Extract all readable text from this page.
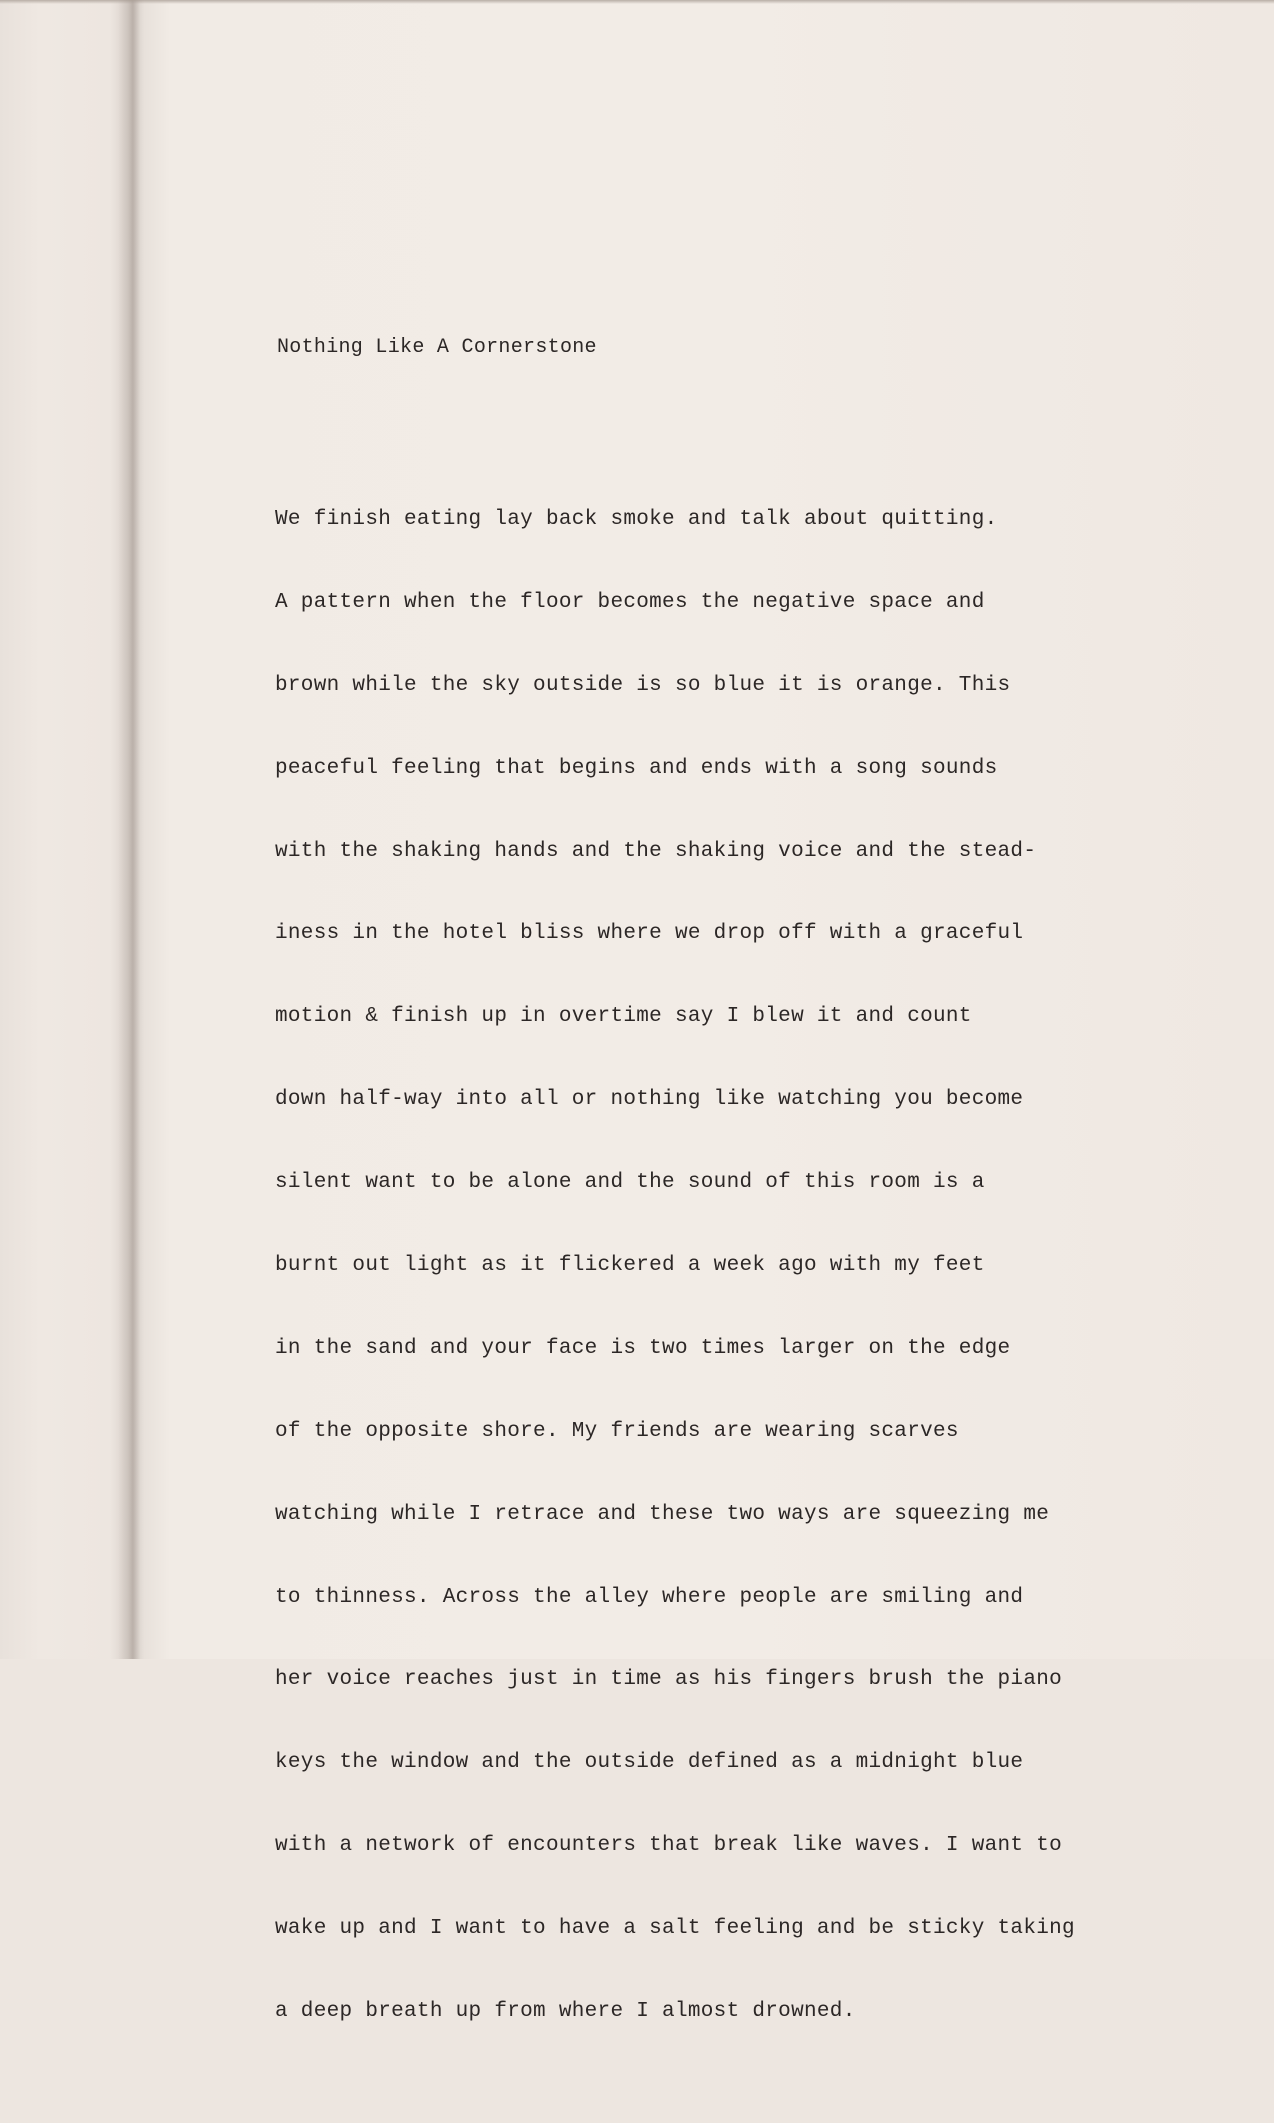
Nothing Like A Cornerstone

We finish eating lay back smoke and talk about quitting.

A pattern when the floor becomes the negative space and

brown while the sky outside is so blue it is orange. This

peaceful feeling that begins and ends with a song sounds

with the shaking hands and the shaking voice and the stead-

iness in the hotel bliss where we drop off with a graceful

motion & finish up in overtime say I blew it and count

down half-way into all or nothing like watching you become

silent want to be alone and the sound of this room is a

burnt out light as it flickered a week ago with my feet

in the sand and your face is two times larger on the edge

of the opposite shore. My friends are wearing scarves

watching while I retrace and these two ways are squeezing me

to thinness. Across the alley where people are smiling and

her voice reaches just in time as his fingers brush the piano

keys the window and the outside defined as a midnight blue

with a network of encounters that break like waves. I want to

wake up and I want to have a salt feeling and be sticky taking

a deep breath up from where I almost drowned.
